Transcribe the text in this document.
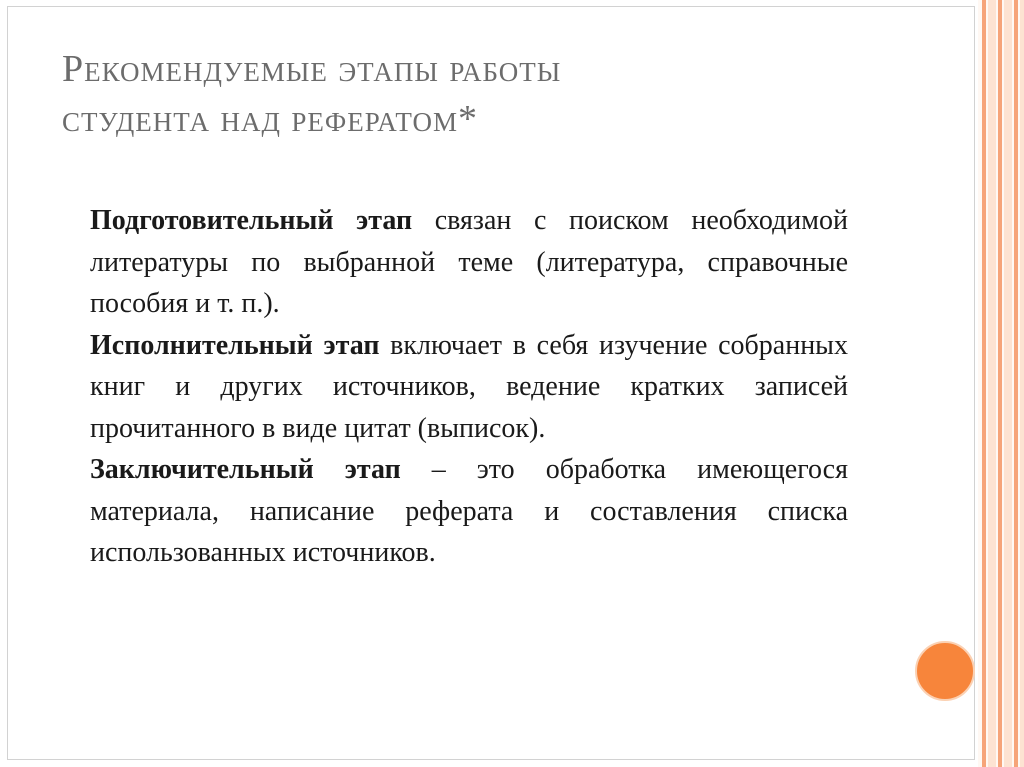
Рекомендуемые этапы работы
студента над рефератом*

Подготовительный этап связан с поиском необходимой литературы по выбранной теме (литература, справочные пособия и т. п.).

Исполнительный этап включает в себя изучение собранных книг и других источников, ведение кратких записей прочитанного в виде цитат (выписок).

Заключительный этап – это обработка имеющегося материала, написание реферата и составления списка использованных источников.
